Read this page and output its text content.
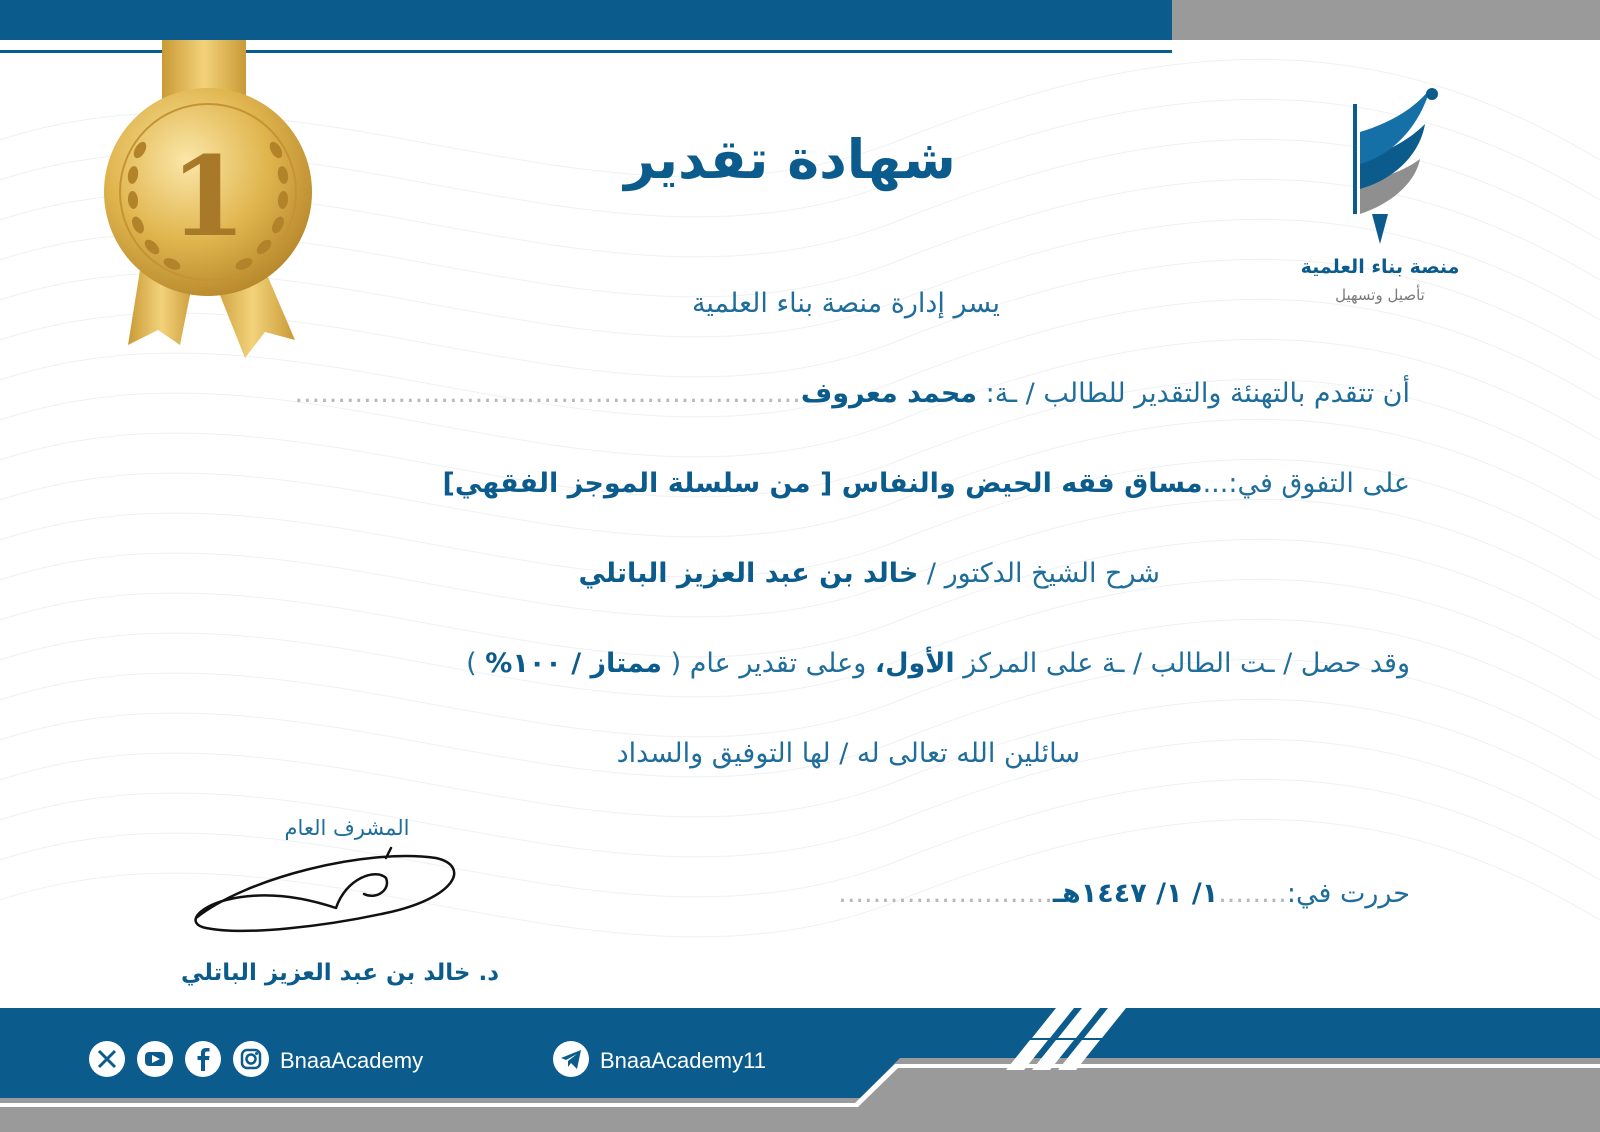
1
منصة بناء العلمية
تأصيل وتسهيل
شهادة تقدير
يسر إدارة منصة بناء العلمية
أن تتقدم بالتهنئة والتقدير للطالب / ـة: محمد معروف...........................................................
على التفوق في:...مساق فقه الحيض والنفاس [ من سلسلة الموجز الفقهي]
شرح الشيخ الدكتور / خالد بن عبد العزيز الباتلي
وقد حصل / ـت الطالب / ـة على المركز الأول، وعلى تقدير عام ( ممتاز / ١٠٠% )
سائلين الله تعالى له / لها التوفيق والسداد
حررت في:........١/ ١/ ١٤٤٧هـ.........................
المشرف العام
د. خالد بن عبد العزيز الباتلي
BnaaAcademy	BnaaAcademy11
